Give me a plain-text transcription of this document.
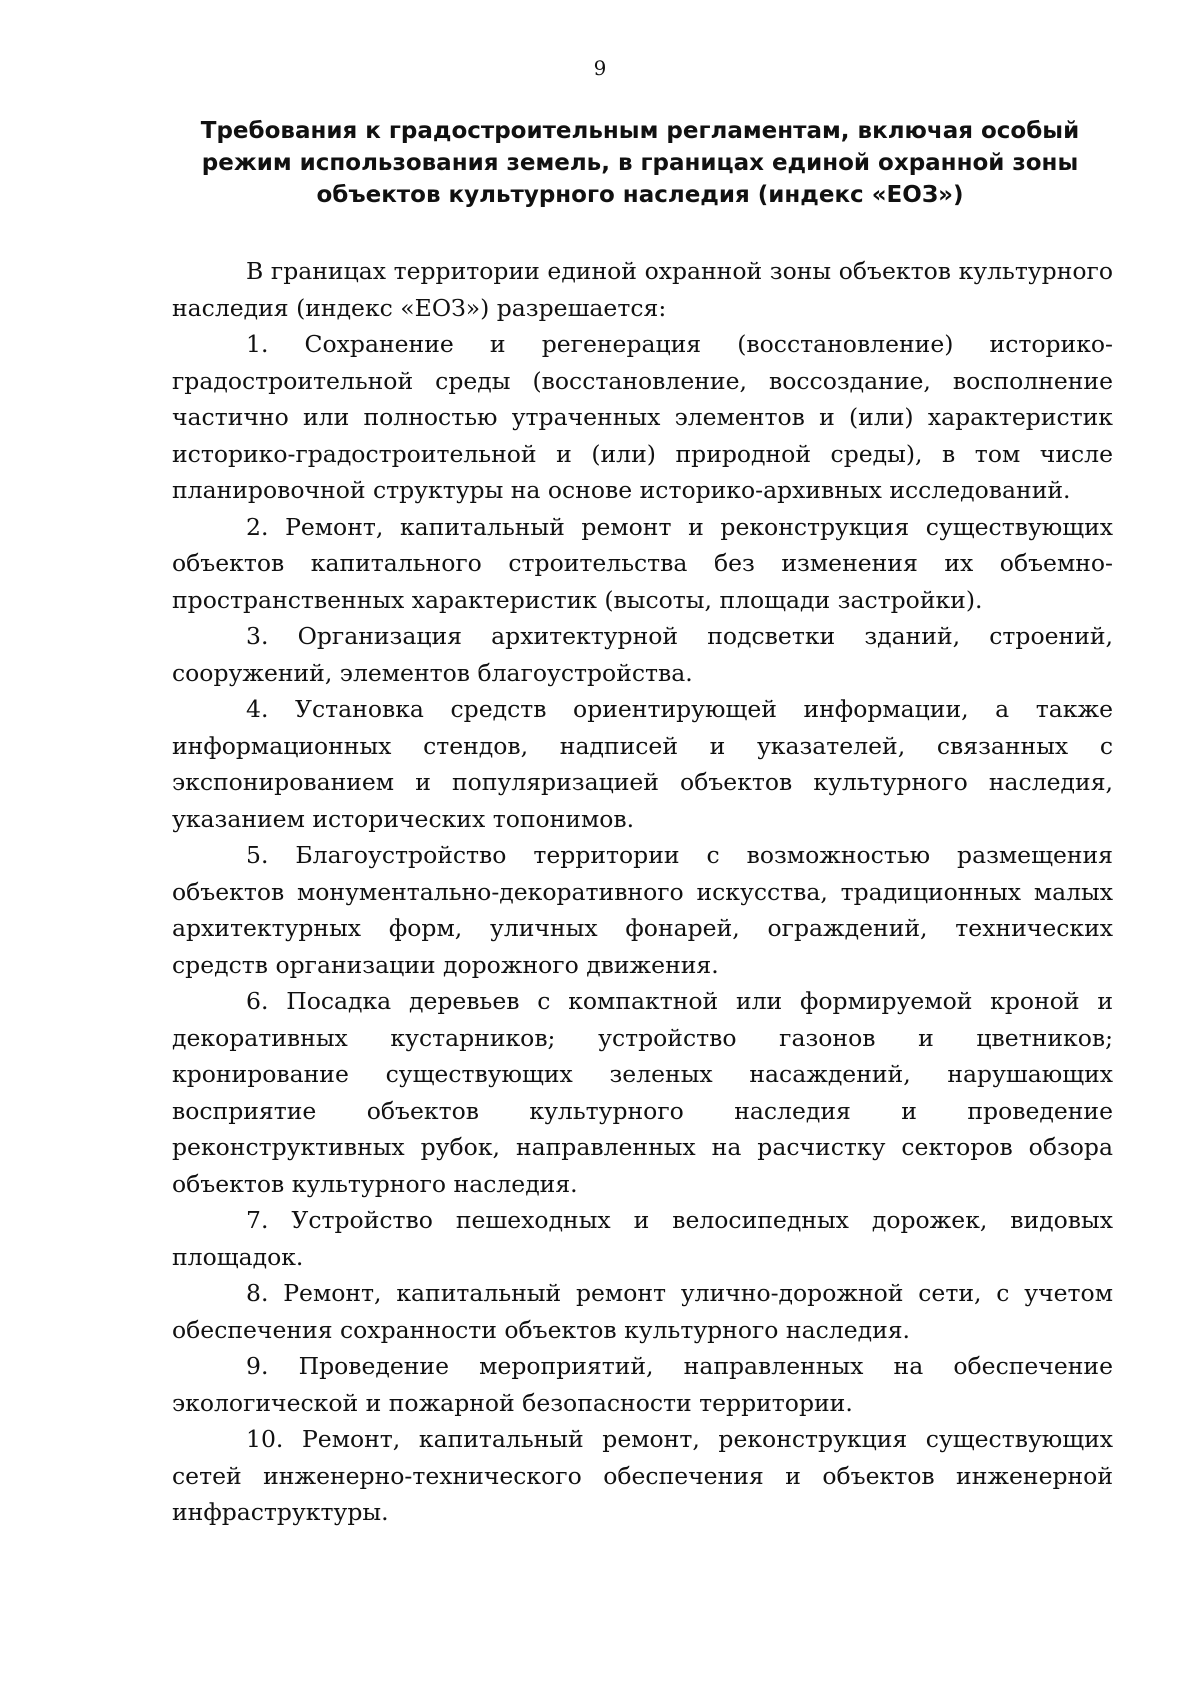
9
Требования к градостроительным регламентам, включая особый
режим использования земель, в границах единой охранной зоны
объектов культурного наследия (индекс «ЕОЗ»)

В границах территории единой охранной зоны объектов культурного наследия (индекс «ЕОЗ») разрешается:

1. Сохранение и регенерация (восстановление) историко-градостроительной среды (восстановление, воссоздание, восполнение частично или полностью утраченных элементов и (или) характеристик историко-градостроительной и (или) природной среды), в том числе планировочной структуры на основе историко-архивных исследований.

2. Ремонт, капитальный ремонт и реконструкция существующих объектов капитального строительства без изменения их объемно-пространственных характеристик (высоты, площади застройки).

3. Организация архитектурной подсветки зданий, строений, сооружений, элементов благоустройства.

4. Установка средств ориентирующей информации, а также информационных стендов, надписей и указателей, связанных с экспонированием и популяризацией объектов культурного наследия, указанием исторических топонимов.

5. Благоустройство территории с возможностью размещения объектов монументально-декоративного искусства, традиционных малых архитектурных форм, уличных фонарей, ограждений, технических средств организации дорожного движения.

6. Посадка деревьев с компактной или формируемой кроной и декоративных кустарников; устройство газонов и цветников; кронирование существующих зеленых насаждений, нарушающих восприятие объектов культурного наследия и проведение реконструктивных рубок, направленных на расчистку секторов обзора объектов культурного наследия.

7. Устройство пешеходных и велосипедных дорожек, видовых площадок.

8. Ремонт, капитальный ремонт улично-дорожной сети, с учетом обеспечения сохранности объектов культурного наследия.

9. Проведение мероприятий, направленных на обеспечение экологической и пожарной безопасности территории.

10. Ремонт, капитальный ремонт, реконструкция существующих сетей инженерно-технического обеспечения и объектов инженерной инфраструктуры.
